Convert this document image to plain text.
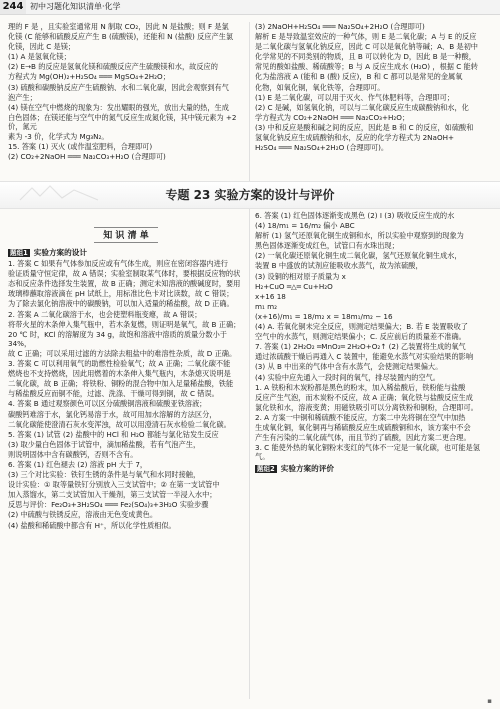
244 初中习题化知识清单·化学

理的 F 是 ，且实验室通常用 N 制取 CO₂，因此 N 是盐酸；则 F 是氯

化镁 (C 能够和硫酸反应产生 B (硫酸镁)，还能和 N (盐酸) 反应产生氯

化镁，因此 C 是镁；

(1) A 是氢氧化镁；

(2) E→B 的反应是氢氧化镁和硫酸反应产生硫酸镁和水，故反应的

方程式为 Mg(OH)₂+H₂SO₄ ═══ MgSO₄+2H₂O；

(3) 硫酸和碳酸钠反应产生硫酸钠、水和二氧化碳，因此会观察到有气

泡产生；

(4) 镁在空气中燃烧的现象为：发出耀眼的强光，放出大量的热，生成

白色固体；在镁还能与空气中的氮气反应生成氮化镁，其中镁元素为 +2 价，氮元

素为 -3 价，化学式为 Mg₃N₂。

15. 答案 (1) 灭火 (或作温室肥料，合理即可)

(2) CO₂+2NaOH ═══ Na₂CO₃+H₂O (合理即可)

(3) 2NaOH+H₂SO₄ ═══ Na₂SO₄+2H₂O (合理即可)

解析 E 是导致温室效应的一种气体，则 E 是二氧化碳；A 与 E 的反应

是二氧化碳与氢氧化钠反应，因此 C 可以是氧化钠等碱；A、B 是初中

化学常见的不同类别的物质，且 B 可以转化为 D，因此 B 是一种酸，

常见的酸如盐酸、稀硫酸等；B 与 A 反应生成水 (H₂O) ，根据 C 能转

化为盐溶液 A (能和 B (酸) 反应)，B 和 C 都可以是常见的金属氧

化物，如氧化铜，氧化铁等，合理即可。

(1) E 是二氧化碳，可以用于灭火、作气体肥料等，合理即可；

(2) C 是碱，如氢氧化钠，可以与二氧化碳反应生成碳酸钠和水，化

学方程式为 CO₂+2NaOH ═══ Na₂CO₃+H₂O；

(3) 中和反应是酸和碱之间的反应，因此是 B 和 C 的反应，如硫酸和

氢氧化钠反应生成硫酸钠和水，反应的化学方程式为 2NaOH+

H₂SO₄ ═══ Na₂SO₄+2H₂O (合理即可)。

专题 23 实验方案的设计与评价
知 识 清 单
题组1 实验方案的设计

1. 答案 C 如果有气体参加反应或有气体生成，则应在密闭容器内进行

验证质量守恒定律，故 A 错误；实验室制取某气体时，要根据反应物的状

态和反应条件选择发生装置，故 B 正确；测定未知溶液的酸碱度时，要用

玻璃棒蘸取溶液滴在 pH 试纸上，用标准比色卡对比读数，故 C 错误；

为了除去氯化钠溶液中的碳酸钠，可以加入适量的稀盐酸，故 D 正确。

2. 答案 A 二氧化碳溶于水，也会使塑料瓶变瘪，故 A 错误；

将带火星的木条伸入集气瓶中，若木条复燃，则证明是氧气，故 B 正确；

20 ℃ 时，KCl 的溶解度为 34 g，故饱和溶液中溶质的质量分数小于 34%，

故 C 正确；可以采用过滤的方法除去粗盐中的难溶性杂质，故 D 正确。

3. 答案 C 可以利用氧气的助燃性检验氧气；故 A 正确；二氧化碳不能

燃烧也不支持燃烧，因此用燃着的木条伸入集气瓶内，木条熄灭说明是

二氧化碳，故 B 正确；将铁粉、铜粉的混合物中加入足量稀盐酸，铁能

与稀盐酸反应而铜不能，过滤、洗涤、干燥可得到铜，故 C 错误。

4. 答案 B 通过观察颜色可以区分硫酸铜溶液和硫酸亚铁溶液；

碳酸钙难溶于水，氯化钙易溶于水，故可用加水溶解的方法区分，

二氧化碳能使澄清石灰水变浑浊，故可以用澄清石灰水检验二氧化碳。

5. 答案 (1) 试管 (2) 盐酸中的 HCl 和 H₂O 都能与氯化钴发生反应

(3) 取少量白色固体于试管中，滴加稀盐酸，若有气泡产生，

则说明固体中含有碳酸钙，否则不含有。

6. 答案 (1) 红色褪去 (2) 溶液 pH 大于 7，

(3) 三个对比实验：铁钉生锈的条件是与氧气和水同时接触，

设计实验：① 取等量铁钉分别放入三支试管中；② 在第一支试管中

加入蒸馏水，第二支试管加入干燥剂，第三支试管一半浸入水中；

反思与评价：Fe₂O₃+3H₂SO₄ ═══ Fe₂(SO₄)₃+3H₂O 实验步骤

(2) 中硫酸与铁锈反应，溶液由无色变成黄色。

(4) 盐酸和稀硫酸中都含有 H⁺，所以化学性质相似。

6. 答案 (1) 红色固体逐渐变成黑色 (2) Ⅰ (3) 吸收反应生成的水

(4) 18/m₁ = 16/m₂ 偏小 ABC

解析 (1) 氢气还原氧化铜生成铜和水，所以实验中观察到的现象为

黑色固体逐渐变成红色，试管口有水珠出现；

(2) 一氧化碳还原氧化铜生成二氧化碳，氢气还原氧化铜生成水，

装置 B 中盛放的试剂应能吸收水蒸气，故为浓硫酸，

(3) 设铜的相对原子质量为 x

H₂+CuO ═△═ Cu+H₂O

x+16 18

m₁ m₂

(x+16)/m₁ = 18/m₂ x = 18m₁/m₂ − 16

(4) A. 若氧化铜未完全反应，则测定结果偏大；B. 若 E 装置吸收了

空气中的水蒸气，则测定结果偏小；C. 反应前后的质量差不准确。

7. 答案 (1) 2H₂O₂ ═MnO₂═ 2H₂O+O₂↑ (2) 乙装置将生成的氧气

通过浓硫酸干燥后再通入 C 装置中，能避免水蒸气对实验结果的影响

(3) 从 B 中出来的气体中含有水蒸气，会使测定结果偏大。

(4) 实验中应先通入一段时间的氧气，排尽装置内的空气。

1. A 铁粉和木炭粉都是黑色的粉末，加入稀盐酸后，铁粉能与盐酸

反应产生气泡，而木炭粉不反应，故 A 正确；氧化铁与盐酸反应生成

氯化铁和水，溶液变黄；用磁铁吸引可以分离铁粉和铜粉，合理即可。

2. A 方案一中铜和稀硫酸不能反应，方案二中先将铜在空气中加热

生成氧化铜，氧化铜再与稀硫酸反应生成硫酸铜和水，该方案中不会

产生有污染的二氧化硫气体，而且节约了硫酸，因此方案二更合理。

3. C 能使外热的氧化铜粉末变红的气体不一定是一氧化碳，也可能是氢气。

题组2 实验方案的评价
▪
